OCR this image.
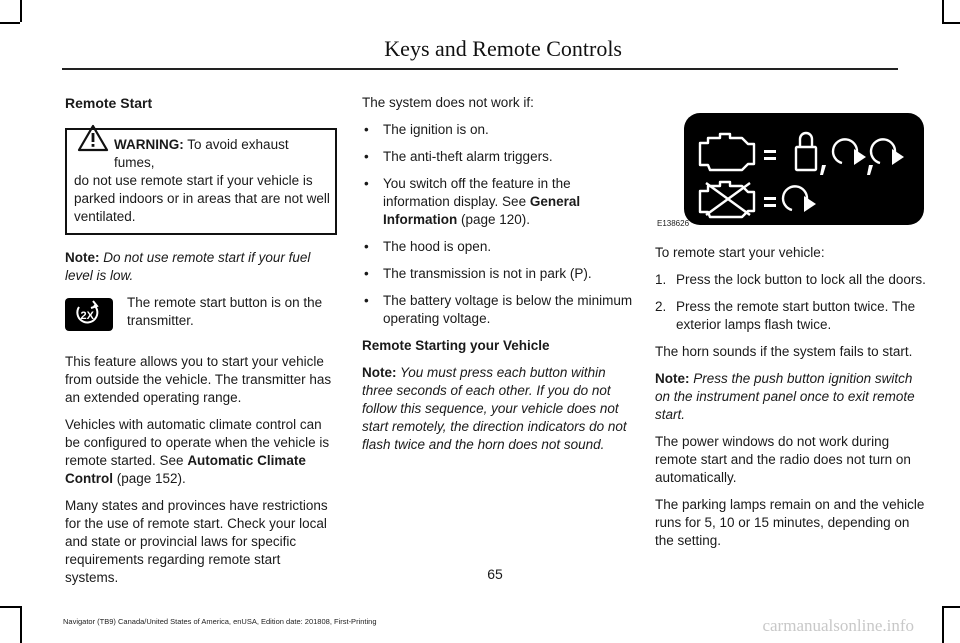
Keys and Remote Controls
Remote Start
WARNING: To avoid exhaust fumes,
do not use remote start if your vehicle is parked indoors or in areas that are not well ventilated.
Note: Do not use remote start if your fuel level is low.
2X
The remote start button is on the transmitter.
This feature allows you to start your vehicle from outside the vehicle. The transmitter has an extended operating range.
Vehicles with automatic climate control can be configured to operate when the vehicle is remote started. See Automatic Climate Control (page 152).
Many states and provinces have restrictions for the use of remote start. Check your local and state or provincial laws for specific requirements regarding remote start systems.
The system does not work if:
• The ignition is on.
• The anti-theft alarm triggers.
• You switch off the feature in the information display. See General Information (page 120).
• The hood is open.
• The transmission is not in park (P).
• The battery voltage is below the minimum operating voltage.
Remote Starting your Vehicle
Note: You must press each button within three seconds of each other. If you do not follow this sequence, your vehicle does not start remotely, the direction indicators do not flash twice and the horn does not sound.
E138626
To remote start your vehicle:
1. Press the lock button to lock all the doors.
2. Press the remote start button twice. The exterior lamps flash twice.
The horn sounds if the system fails to start.
Note: Press the push button ignition switch on the instrument panel once to exit remote start.
The power windows do not work during remote start and the radio does not turn on automatically.
The parking lamps remain on and the vehicle runs for 5, 10 or 15 minutes, depending on the setting.
65
Navigator (TB9) Canada/United States of America, enUSA, Edition date: 201808, First-Printing	carmanualsonline.info
